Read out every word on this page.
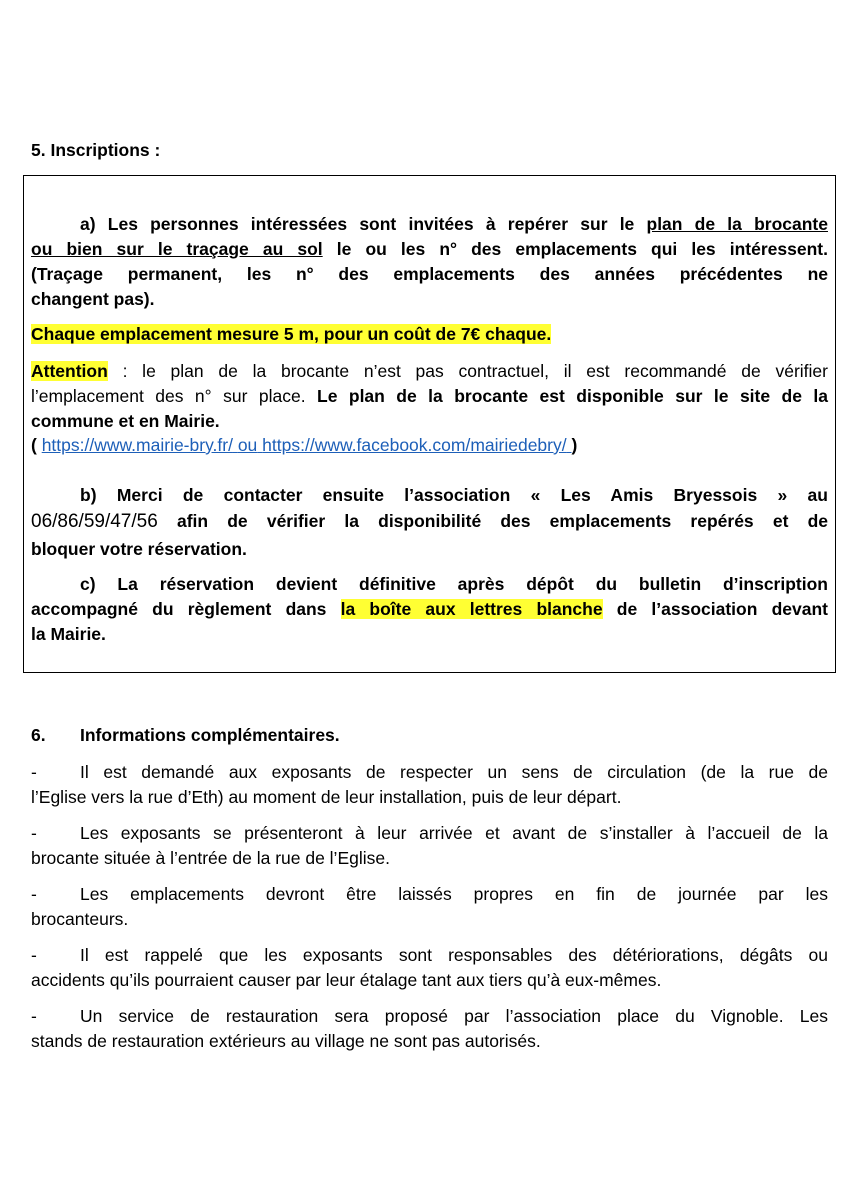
5. Inscriptions :
a) Les personnes intéressées sont invitées à repérer sur le plan de la brocante
ou bien sur le traçage au sol le ou les n° des emplacements qui les intéressent.
(Traçage permanent, les n° des emplacements des années précédentes ne
changent pas).
Chaque emplacement mesure 5 m, pour un coût de 7€ chaque.
Attention : le plan de la brocante n’est pas contractuel, il est recommandé de vérifier
l’emplacement des n° sur place. Le plan de la brocante est disponible sur le site de la
commune et en Mairie.
( https://www.mairie-bry.fr/ ou https://www.facebook.com/mairiedebry/ )
b) Merci de contacter ensuite l’association « Les Amis Bryessois » au
06/86/59/47/56 afin de vérifier la disponibilité des emplacements repérés et de
bloquer votre réservation.
c) La réservation devient définitive après dépôt du bulletin d’inscription
accompagné du règlement dans la boîte aux lettres blanche de l’association devant
la Mairie.
6. Informations complémentaires.
- Il est demandé aux exposants de respecter un sens de circulation (de la rue de
l’Eglise vers la rue d’Eth) au moment de leur installation, puis de leur départ.
- Les exposants se présenteront à leur arrivée et avant de s’installer à l’accueil de la
brocante située à l’entrée de la rue de l’Eglise.
- Les emplacements devront être laissés propres en fin de journée par les
brocanteurs.
- Il est rappelé que les exposants sont responsables des détériorations, dégâts ou
accidents qu’ils pourraient causer par leur étalage tant aux tiers qu’à eux-mêmes.
- Un service de restauration sera proposé par l’association place du Vignoble. Les
stands de restauration extérieurs au village ne sont pas autorisés.
